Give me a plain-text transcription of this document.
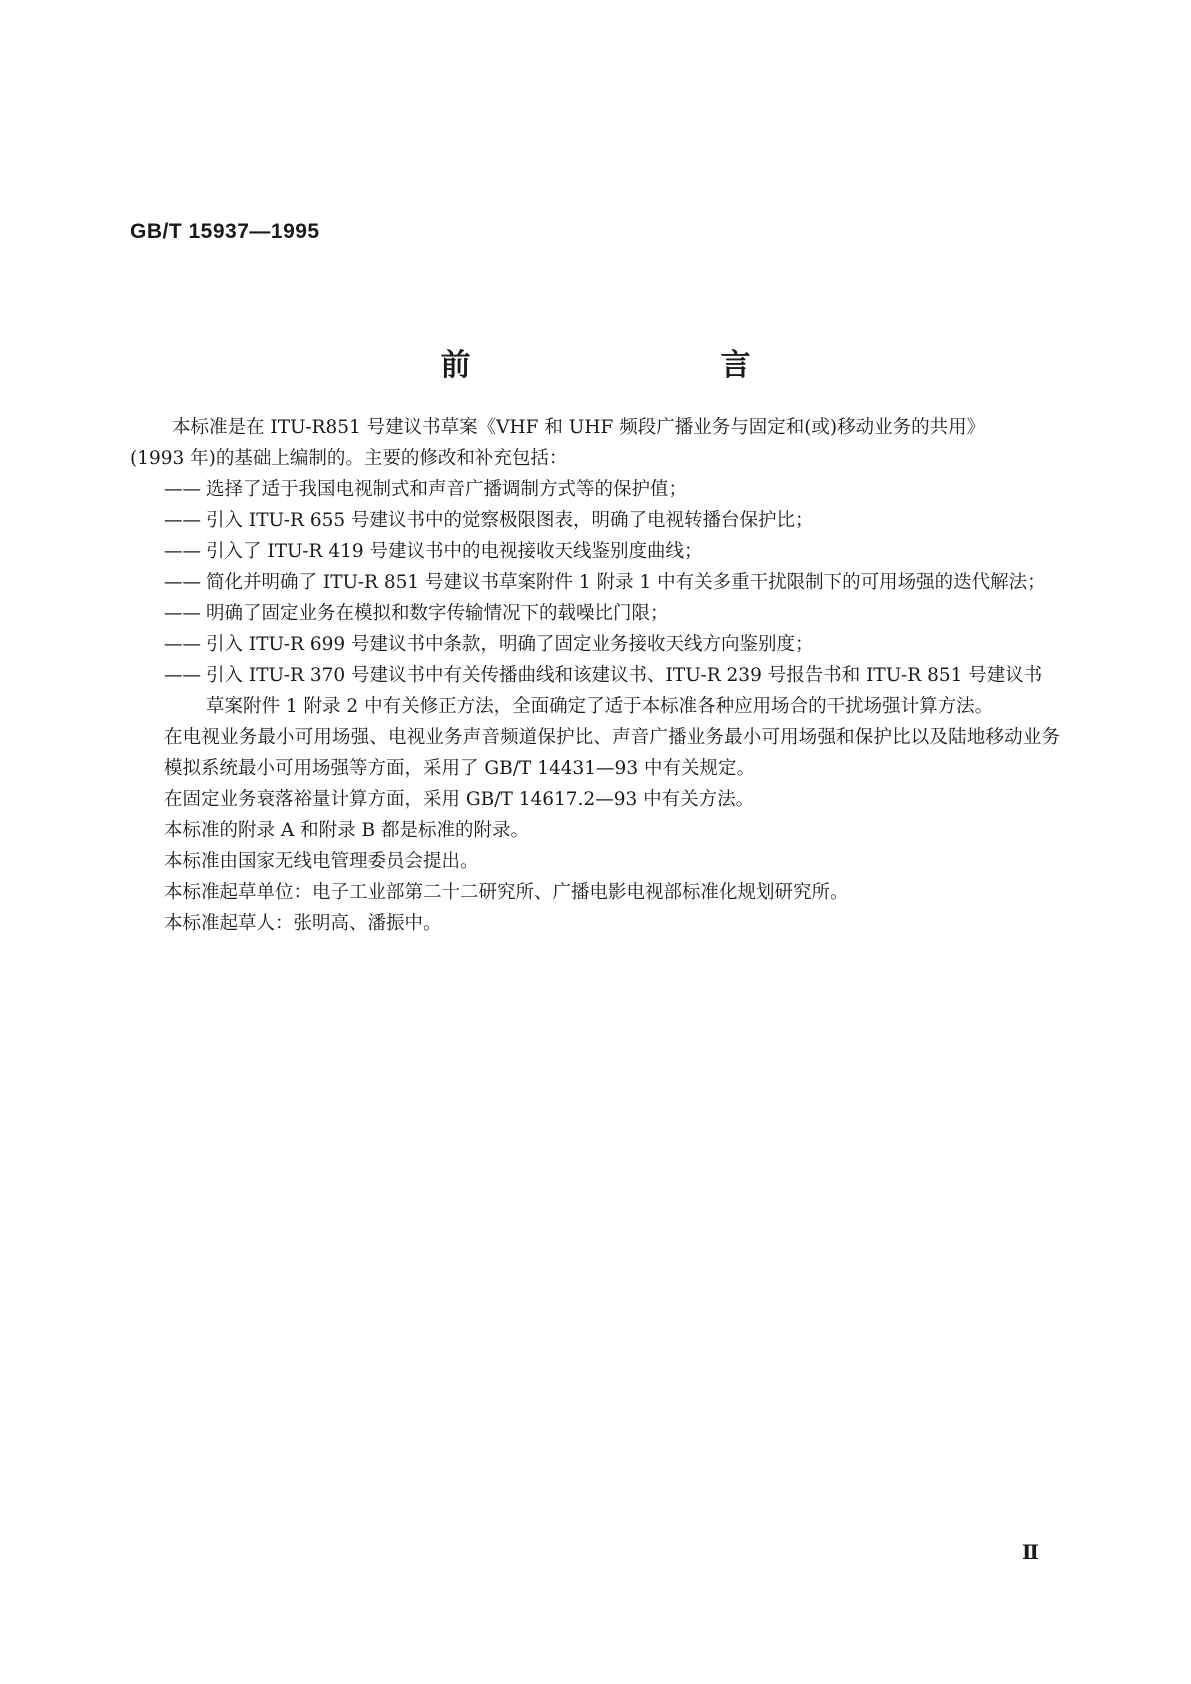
GB/T 15937—1995
前	言

本标准是在 ITU-R851 号建议书草案《VHF 和 UHF 频段广播业务与固定和(或)移动业务的共用》

(1993 年)的基础上编制的。主要的修改和补充包括：

—— 选择了适于我国电视制式和声音广播调制方式等的保护值；

—— 引入 ITU-R 655 号建议书中的觉察极限图表，明确了电视转播台保护比；

—— 引入了 ITU-R 419 号建议书中的电视接收天线鉴别度曲线；

—— 简化并明确了 ITU-R 851 号建议书草案附件 1 附录 1 中有关多重干扰限制下的可用场强的迭代解法；

—— 明确了固定业务在模拟和数字传输情况下的载噪比门限；

—— 引入 ITU-R 699 号建议书中条款，明确了固定业务接收天线方向鉴别度；

—— 引入 ITU-R 370 号建议书中有关传播曲线和该建议书、ITU-R 239 号报告书和 ITU-R 851 号建议书草案附件 1 附录 2 中有关修正方法，全面确定了适于本标准各种应用场合的干扰场强计算方法。

在电视业务最小可用场强、电视业务声音频道保护比、声音广播业务最小可用场强和保护比以及陆地移动业务模拟系统最小可用场强等方面，采用了 GB/T 14431—93 中有关规定。

在固定业务衰落裕量计算方面，采用 GB/T 14617.2—93 中有关方法。

本标准的附录 A 和附录 B 都是标准的附录。

本标准由国家无线电管理委员会提出。

本标准起草单位：电子工业部第二十二研究所、广播电影电视部标准化规划研究所。

本标准起草人：张明高、潘振中。

Ⅱ
